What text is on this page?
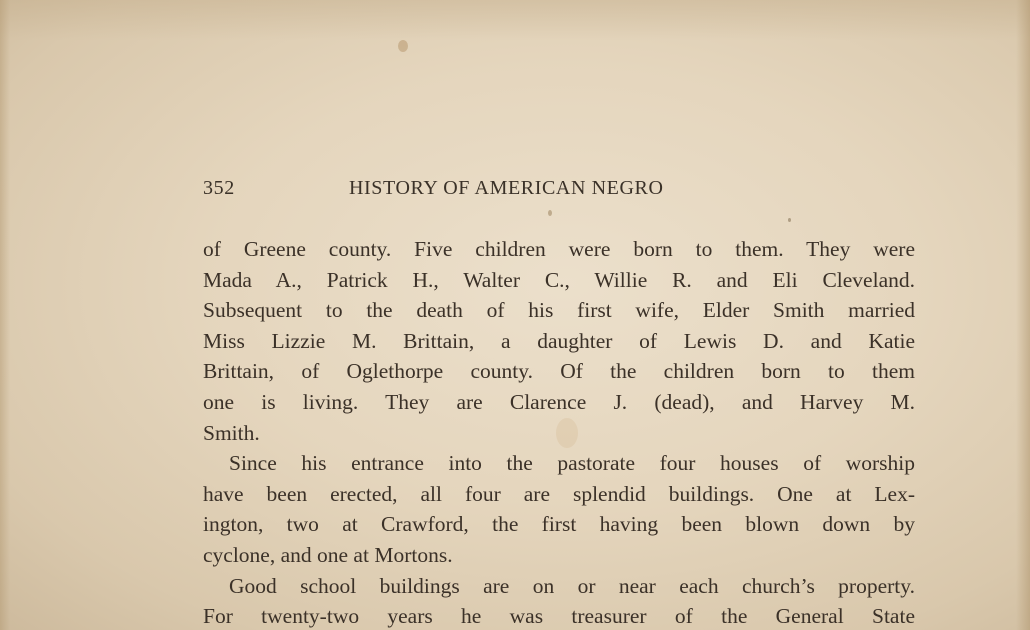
352	HISTORY OF AMERICAN NEGRO
of Greene county. Five children were born to them. They were
Mada A., Patrick H., Walter C., Willie R. and Eli Cleveland.
Subsequent to the death of his first wife, Elder Smith married
Miss Lizzie M. Brittain, a daughter of Lewis D. and Katie
Brittain, of Oglethorpe county. Of the children born to them
one is living. They are Clarence J. (dead), and Harvey M.
Smith.
Since his entrance into the pastorate four houses of worship
have been erected, all four are splendid buildings. One at Lex-
ington, two at Crawford, the first having been blown down by
cyclone, and one at Mortons.
Good school buildings are on or near each church’s property.
For twenty-two years he was treasurer of the General State
